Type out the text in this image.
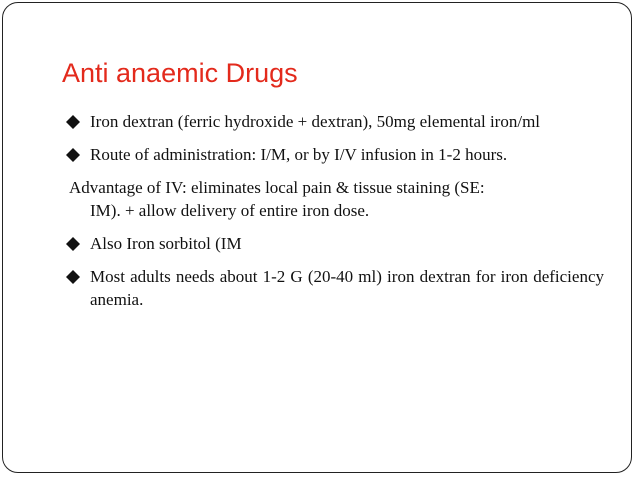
Anti anaemic Drugs
Iron dextran (ferric hydroxide + dextran), 50mg elemental iron/ml
Route of administration: I/M, or by I/V infusion in 1-2 hours.
Advantage of IV: eliminates local pain & tissue staining (SE:
IM). + allow delivery of entire iron dose.
Also Iron sorbitol (IM
Most adults needs about 1-2 G (20-40 ml) iron dextran for iron deficiency anemia.
